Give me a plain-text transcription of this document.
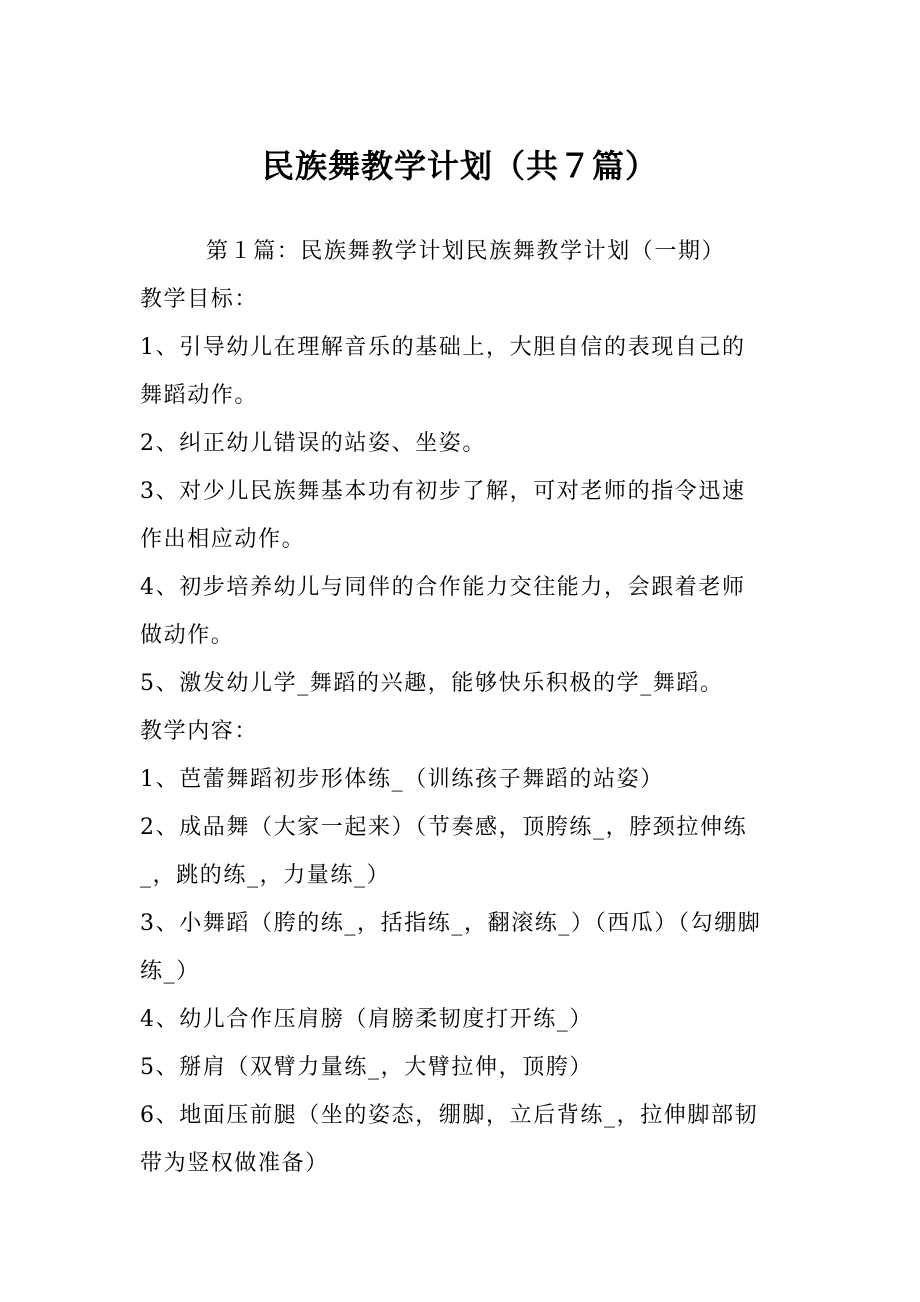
民族舞教学计划（共７篇）
第１篇：民族舞教学计划民族舞教学计划（一期）
教学目标：
1、引导幼儿在理解音乐的基础上，大胆自信的表现自己的
舞蹈动作。
2、纠正幼儿错误的站姿、坐姿。
3、对少儿民族舞基本功有初步了解，可对老师的指令迅速
作出相应动作。
4、初步培养幼儿与同伴的合作能力交往能力，会跟着老师
做动作。
5、激发幼儿学_舞蹈的兴趣，能够快乐积极的学_舞蹈。
教学内容：
1、芭蕾舞蹈初步形体练_（训练孩子舞蹈的站姿）
2、成品舞（大家一起来）（节奏感，顶胯练_，脖颈拉伸练
_，跳的练_，力量练_）
3、小舞蹈（胯的练_，括指练_，翻滚练_）（西瓜）（勾绷脚
练_）
4、幼儿合作压肩膀（肩膀柔韧度打开练_）
5、掰肩（双臂力量练_，大臂拉伸，顶胯）
6、地面压前腿（坐的姿态，绷脚，立后背练_，拉伸脚部韧
带为竖权做准备）
